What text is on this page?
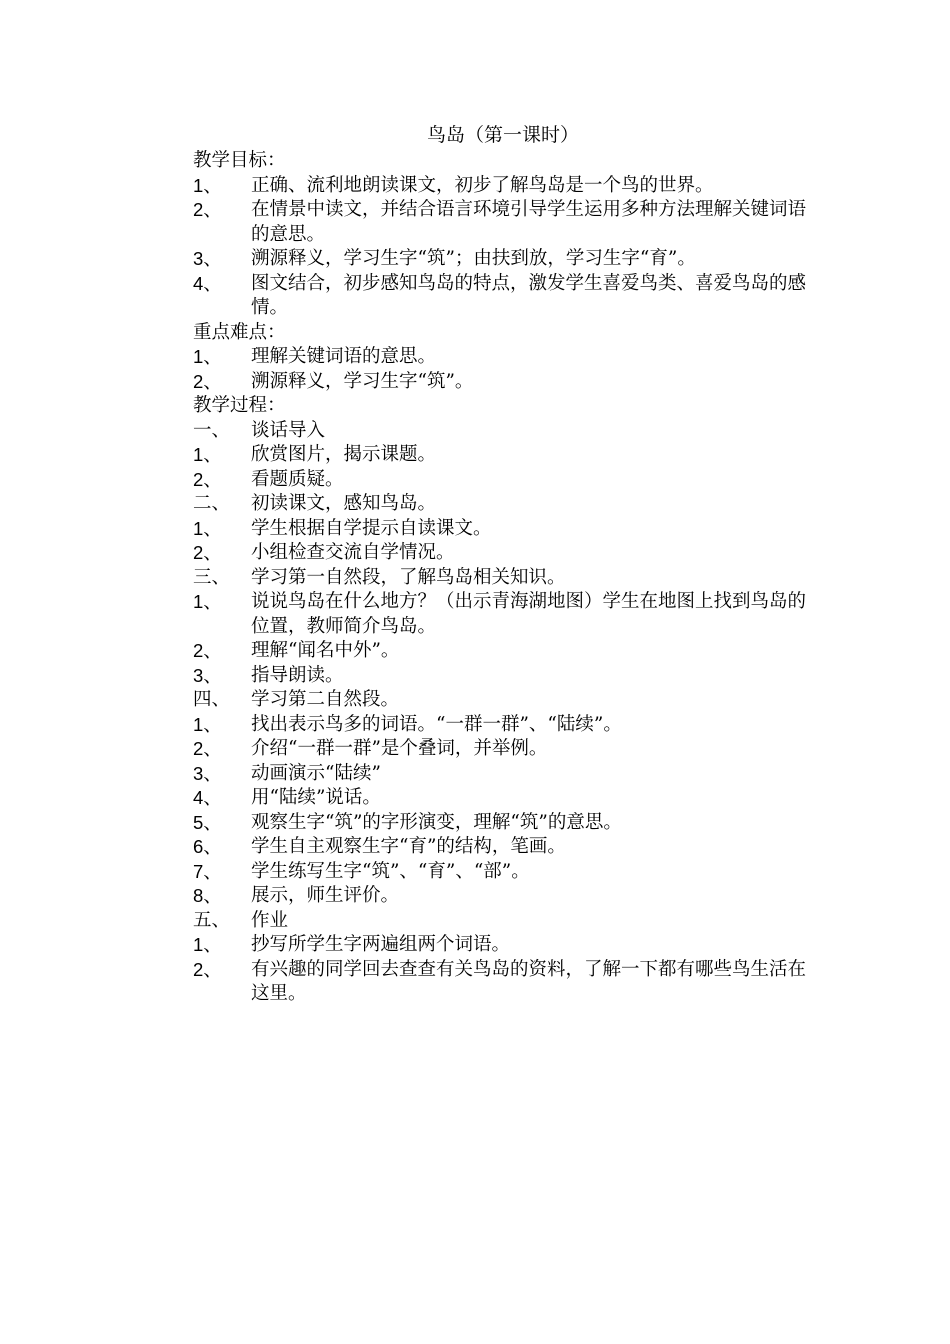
鸟岛（第一课时）
教学目标：
1、	正确、流利地朗读课文，初步了解鸟岛是一个鸟的世界。
2、	在情景中读文，并结合语言环境引导学生运用多种方法理解关键词语的意思。
3、	溯源释义，学习生字“筑”；由扶到放，学习生字“育”。
4、	图文结合，初步感知鸟岛的特点，激发学生喜爱鸟类、喜爱鸟岛的感情。
重点难点：
1、	理解关键词语的意思。
2、	溯源释义，学习生字“筑”。
教学过程：
一、	谈话导入
1、	欣赏图片，揭示课题。
2、	看题质疑。
二、	初读课文，感知鸟岛。
1、	学生根据自学提示自读课文。
2、	小组检查交流自学情况。
三、	学习第一自然段，了解鸟岛相关知识。
1、	说说鸟岛在什么地方？（出示青海湖地图）学生在地图上找到鸟岛的位置，教师简介鸟岛。
2、	理解“闻名中外”。
3、	指导朗读。
四、	学习第二自然段。
1、	找出表示鸟多的词语。“一群一群”、“陆续”。
2、	介绍“一群一群”是个叠词，并举例。
3、	动画演示“陆续”
4、	用“陆续”说话。
5、	观察生字“筑”的字形演变，理解“筑”的意思。
6、	学生自主观察生字“育”的结构，笔画。
7、	学生练写生字“筑”、“育”、“部”。
8、	展示，师生评价。
五、	作业
1、	抄写所学生字两遍组两个词语。
2、	有兴趣的同学回去查查有关鸟岛的资料，了解一下都有哪些鸟生活在这里。
